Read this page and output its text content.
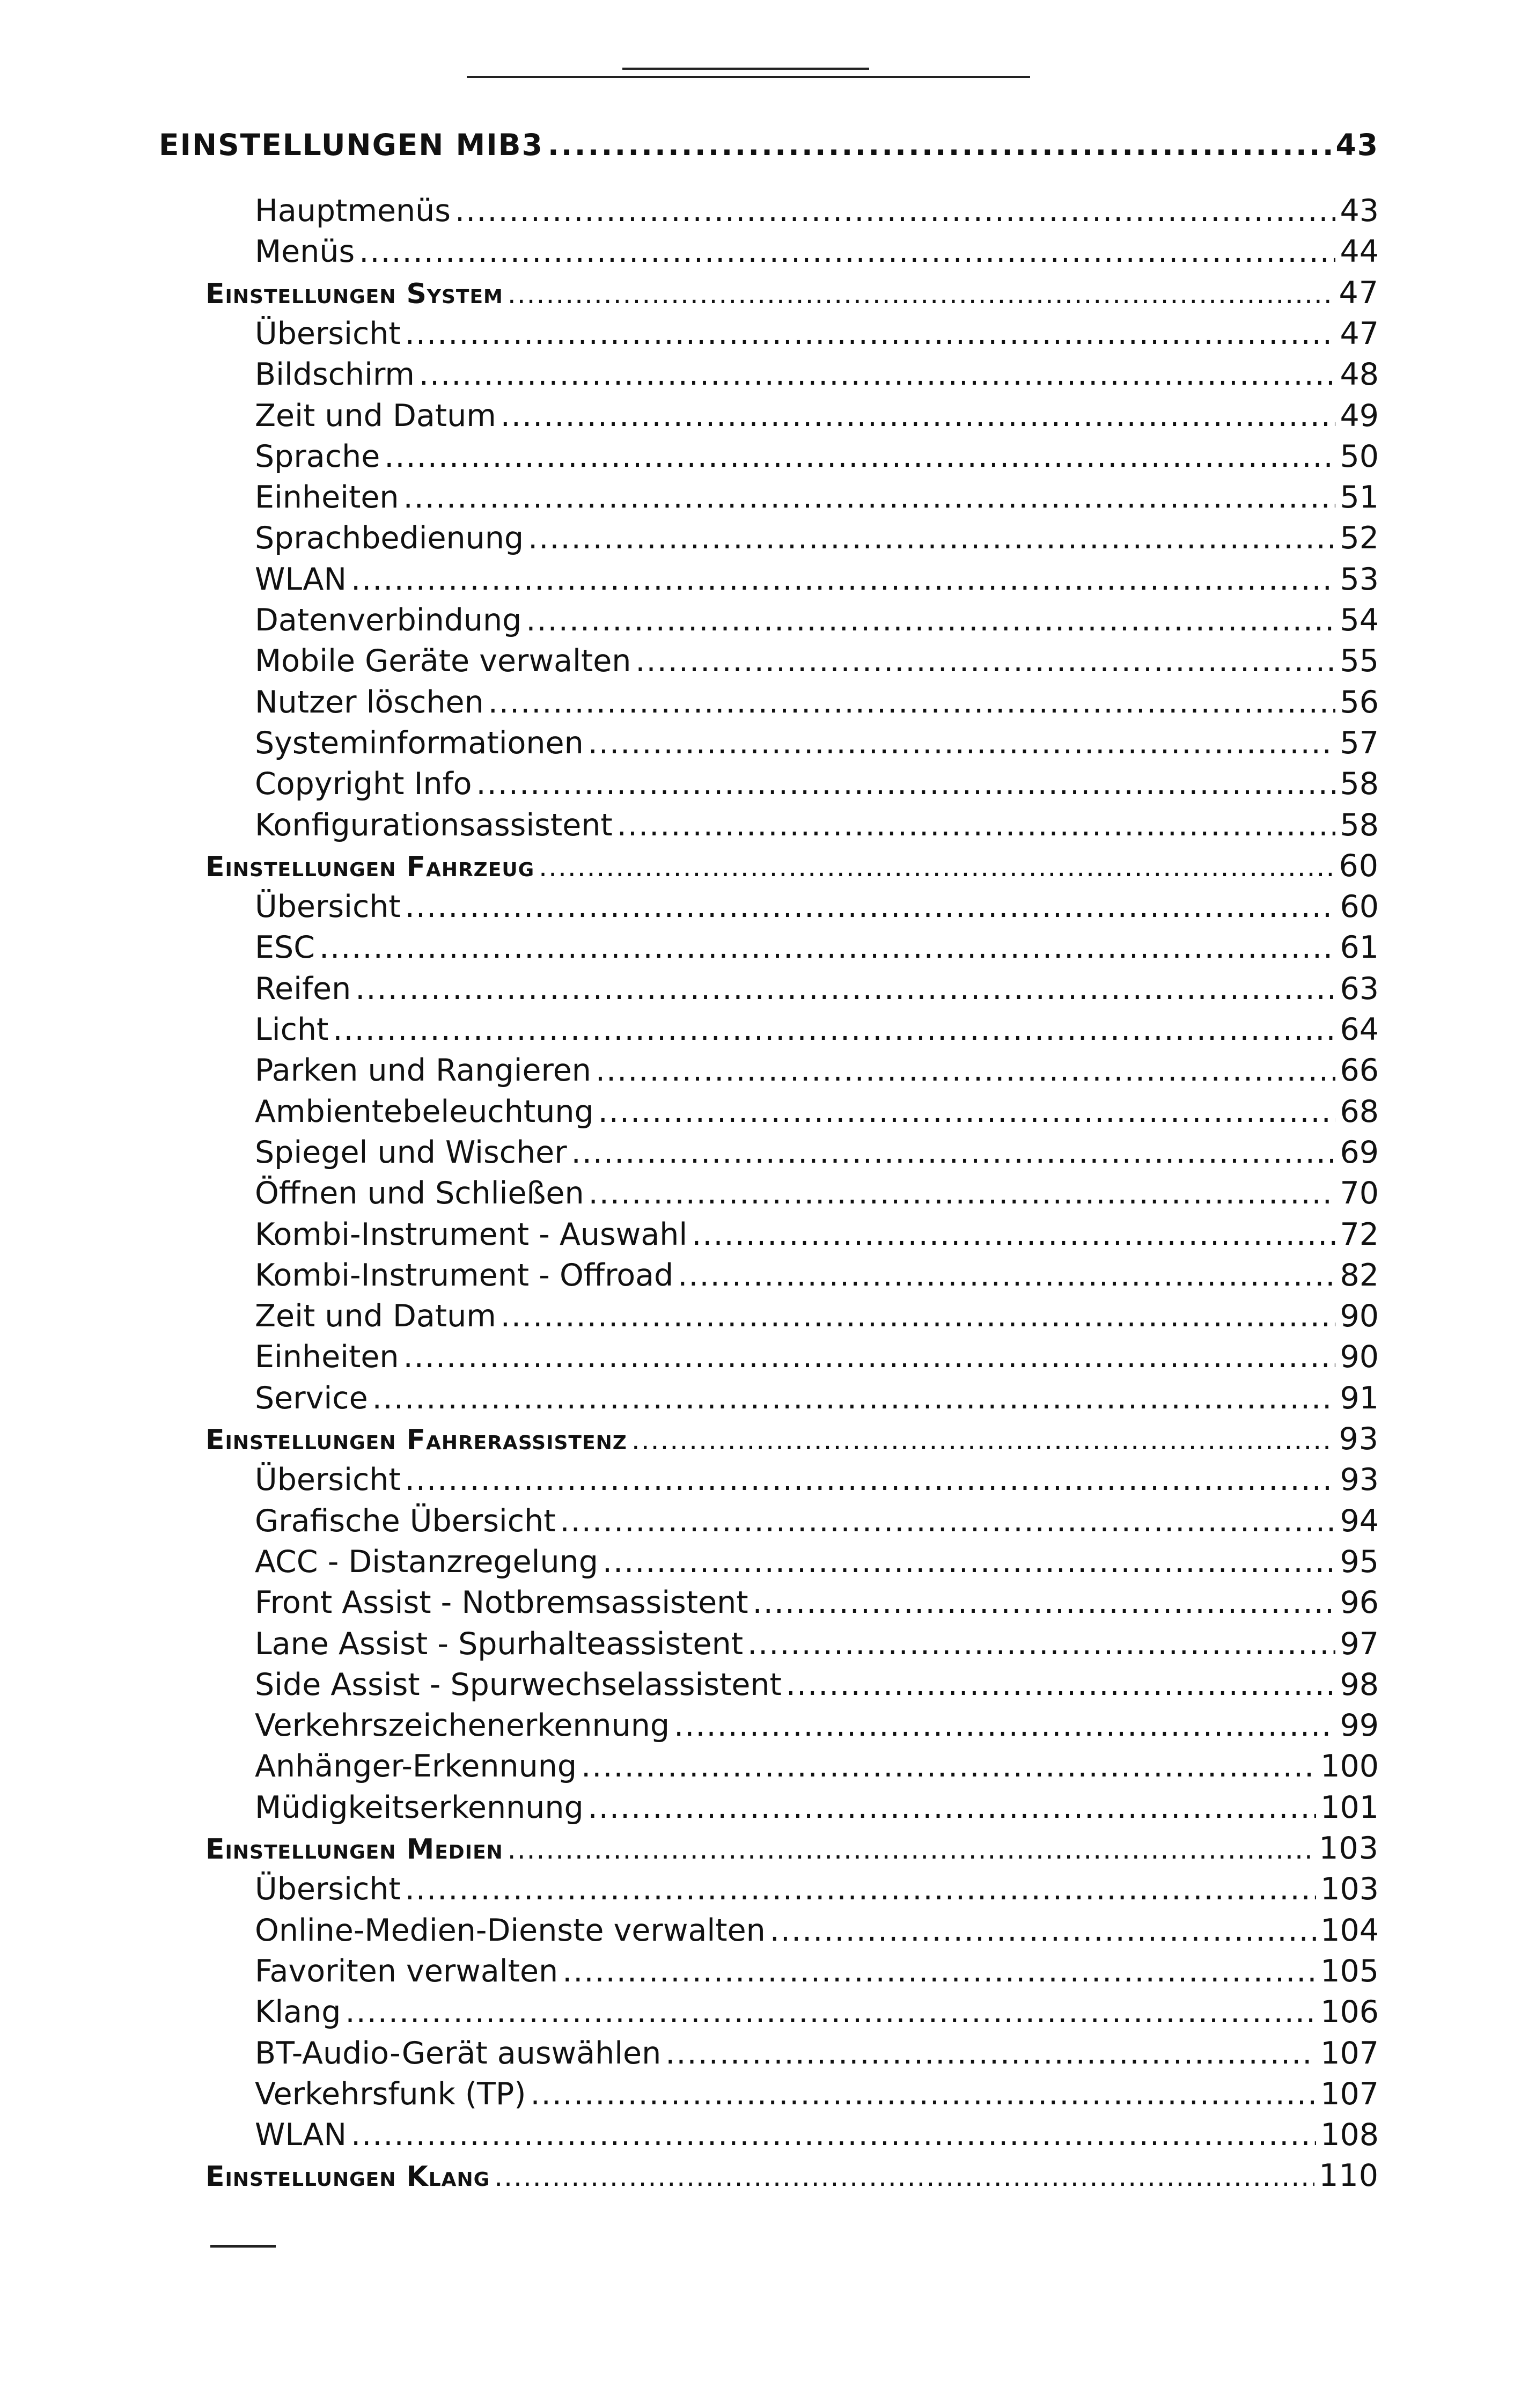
EINSTELLUNGEN MIB3 .....	43
Hauptmenüs .....	43
Menüs .....	44
Einstellungen System .....	47
Übersicht .....	47
Bildschirm .....	48
Zeit und Datum .....	49
Sprache .....	50
Einheiten .....	51
Sprachbedienung .....	52
WLAN .....	53
Datenverbindung .....	54
Mobile Geräte verwalten .....	55
Nutzer löschen .....	56
Systeminformationen .....	57
Copyright Info .....	58
Konfigurationsassistent .....	58
Einstellungen Fahrzeug .....	60
Übersicht .....	60
ESC .....	61
Reifen .....	63
Licht .....	64
Parken und Rangieren .....	66
Ambientebeleuchtung .....	68
Spiegel und Wischer .....	69
Öffnen und Schließen .....	70
Kombi-Instrument - Auswahl .....	72
Kombi-Instrument - Offroad .....	82
Zeit und Datum .....	90
Einheiten .....	90
Service .....	91
Einstellungen Fahrerassistenz .....	93
Übersicht .....	93
Grafische Übersicht .....	94
ACC - Distanzregelung .....	95
Front Assist - Notbremsassistent .....	96
Lane Assist - Spurhalteassistent .....	97
Side Assist - Spurwechselassistent .....	98
Verkehrszeichenerkennung .....	99
Anhänger-Erkennung .....	100
Müdigkeitserkennung .....	101
Einstellungen Medien .....	103
Übersicht .....	103
Online-Medien-Dienste verwalten .....	104
Favoriten verwalten .....	105
Klang .....	106
BT-Audio-Gerät auswählen .....	107
Verkehrsfunk (TP) .....	107
WLAN .....	108
Einstellungen Klang .....	110
